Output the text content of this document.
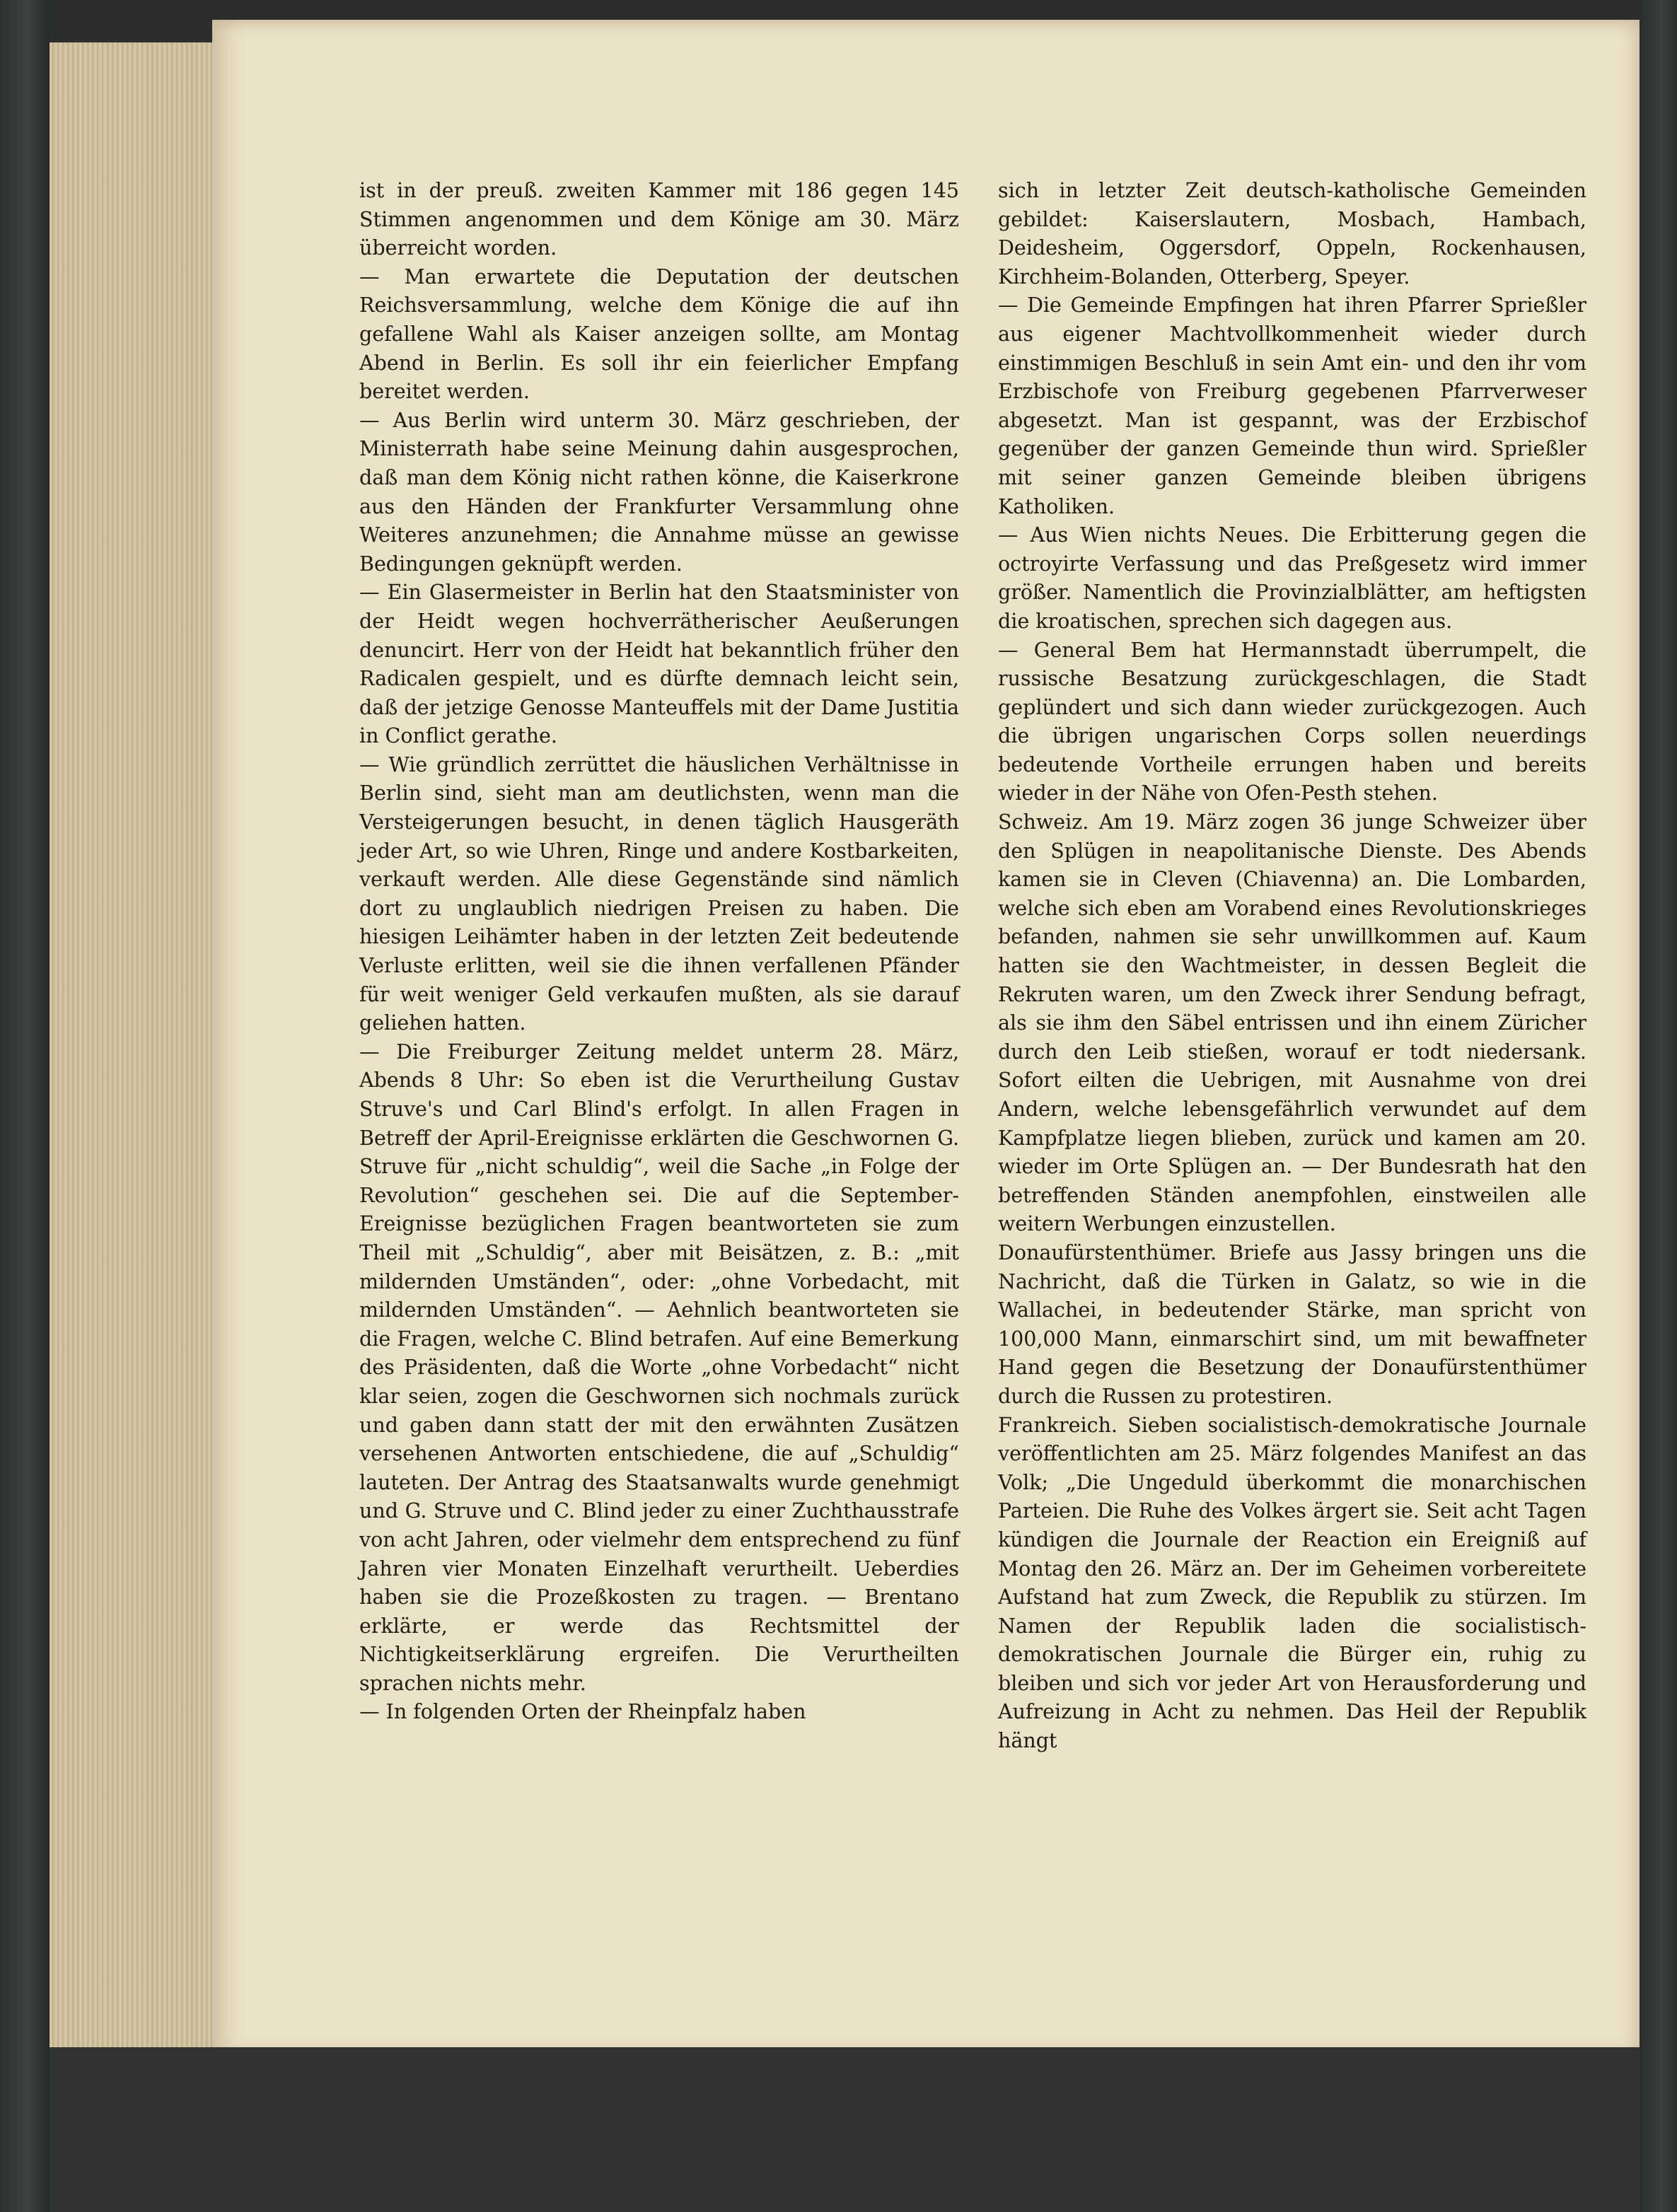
ist in der preuß. zweiten Kammer mit 186 gegen 145 Stimmen angenommen und dem Könige am 30. März überreicht worden.

— Man erwartete die Deputation der deutschen Reichsversammlung, welche dem Könige die auf ihn gefallene Wahl als Kaiser anzeigen sollte, am Montag Abend in Berlin. Es soll ihr ein feierlicher Empfang bereitet werden.

— Aus Berlin wird unterm 30. März geschrieben, der Ministerrath habe seine Meinung dahin ausgesprochen, daß man dem König nicht rathen könne, die Kaiserkrone aus den Händen der Frankfurter Versammlung ohne Weiteres anzunehmen; die Annahme müsse an gewisse Bedingungen geknüpft werden.

— Ein Glasermeister in Berlin hat den Staatsminister von der Heidt wegen hochverrätherischer Aeußerungen denuncirt. Herr von der Heidt hat bekanntlich früher den Radicalen gespielt, und es dürfte demnach leicht sein, daß der jetzige Genosse Manteuffels mit der Dame Justitia in Conflict gerathe.

— Wie gründlich zerrüttet die häuslichen Verhältnisse in Berlin sind, sieht man am deutlichsten, wenn man die Versteigerungen besucht, in denen täglich Hausgeräth jeder Art, so wie Uhren, Ringe und andere Kostbarkeiten, verkauft werden. Alle diese Gegenstände sind nämlich dort zu unglaublich niedrigen Preisen zu haben. Die hiesigen Leihämter haben in der letzten Zeit bedeutende Verluste erlitten, weil sie die ihnen verfallenen Pfänder für weit weniger Geld verkaufen mußten, als sie darauf geliehen hatten.

— Die Freiburger Zeitung meldet unterm 28. März, Abends 8 Uhr: So eben ist die Verurtheilung Gustav Struve's und Carl Blind's erfolgt. In allen Fragen in Betreff der April-Ereignisse erklärten die Geschwornen G. Struve für „nicht schuldig“, weil die Sache „in Folge der Revolution“ geschehen sei. Die auf die September-Ereignisse bezüglichen Fragen beantworteten sie zum Theil mit „Schuldig“, aber mit Beisätzen, z. B.: „mit mildernden Umständen“, oder: „ohne Vorbedacht, mit mildernden Umständen“. — Aehnlich beantworteten sie die Fragen, welche C. Blind betrafen. Auf eine Bemerkung des Präsidenten, daß die Worte „ohne Vorbedacht“ nicht klar seien, zogen die Geschwornen sich nochmals zurück und gaben dann statt der mit den erwähnten Zusätzen versehenen Antworten entschiedene, die auf „Schuldig“ lauteten. Der Antrag des Staatsanwalts wurde genehmigt und G. Struve und C. Blind jeder zu einer Zuchthausstrafe von acht Jahren, oder vielmehr dem entsprechend zu fünf Jahren vier Monaten Einzelhaft verurtheilt. Ueberdies haben sie die Prozeßkosten zu tragen. — Brentano erklärte, er werde das Rechtsmittel der Nichtigkeitserklärung ergreifen. Die Verurtheilten sprachen nichts mehr.

— In folgenden Orten der Rheinpfalz haben

sich in letzter Zeit deutsch-katholische Gemeinden gebildet: Kaiserslautern, Mosbach, Hambach, Deidesheim, Oggersdorf, Oppeln, Rockenhausen, Kirchheim-Bolanden, Otterberg, Speyer.

— Die Gemeinde Empfingen hat ihren Pfarrer Sprießler aus eigener Machtvollkommenheit wieder durch einstimmigen Beschluß in sein Amt ein- und den ihr vom Erzbischofe von Freiburg gegebenen Pfarrverweser abgesetzt. Man ist gespannt, was der Erzbischof gegenüber der ganzen Gemeinde thun wird. Sprießler mit seiner ganzen Gemeinde bleiben übrigens Katholiken.

— Aus Wien nichts Neues. Die Erbitterung gegen die octroyirte Verfassung und das Preßgesetz wird immer größer. Namentlich die Provinzialblätter, am heftigsten die kroatischen, sprechen sich dagegen aus.

— General Bem hat Hermannstadt überrumpelt, die russische Besatzung zurückgeschlagen, die Stadt geplündert und sich dann wieder zurückgezogen. Auch die übrigen ungarischen Corps sollen neuerdings bedeutende Vortheile errungen haben und bereits wieder in der Nähe von Ofen-Pesth stehen.

Schweiz. Am 19. März zogen 36 junge Schweizer über den Splügen in neapolitanische Dienste. Des Abends kamen sie in Cleven (Chiavenna) an. Die Lombarden, welche sich eben am Vorabend eines Revolutionskrieges befanden, nahmen sie sehr unwillkommen auf. Kaum hatten sie den Wachtmeister, in dessen Begleit die Rekruten waren, um den Zweck ihrer Sendung befragt, als sie ihm den Säbel entrissen und ihn einem Züricher durch den Leib stießen, worauf er todt niedersank. Sofort eilten die Uebrigen, mit Ausnahme von drei Andern, welche lebensgefährlich verwundet auf dem Kampfplatze liegen blieben, zurück und kamen am 20. wieder im Orte Splügen an. — Der Bundesrath hat den betreffenden Ständen anempfohlen, einstweilen alle weitern Werbungen einzustellen.

Donaufürstenthümer. Briefe aus Jassy bringen uns die Nachricht, daß die Türken in Galatz, so wie in die Wallachei, in bedeutender Stärke, man spricht von 100,000 Mann, einmarschirt sind, um mit bewaffneter Hand gegen die Besetzung der Donaufürstenthümer durch die Russen zu protestiren.

Frankreich. Sieben socialistisch-demokratische Journale veröffentlichten am 25. März folgendes Manifest an das Volk; „Die Ungeduld überkommt die monarchischen Parteien. Die Ruhe des Volkes ärgert sie. Seit acht Tagen kündigen die Journale der Reaction ein Ereigniß auf Montag den 26. März an. Der im Geheimen vorbereitete Aufstand hat zum Zweck, die Republik zu stürzen. Im Namen der Republik laden die socialistisch-demokratischen Journale die Bürger ein, ruhig zu bleiben und sich vor jeder Art von Herausforderung und Aufreizung in Acht zu nehmen. Das Heil der Republik hängt
